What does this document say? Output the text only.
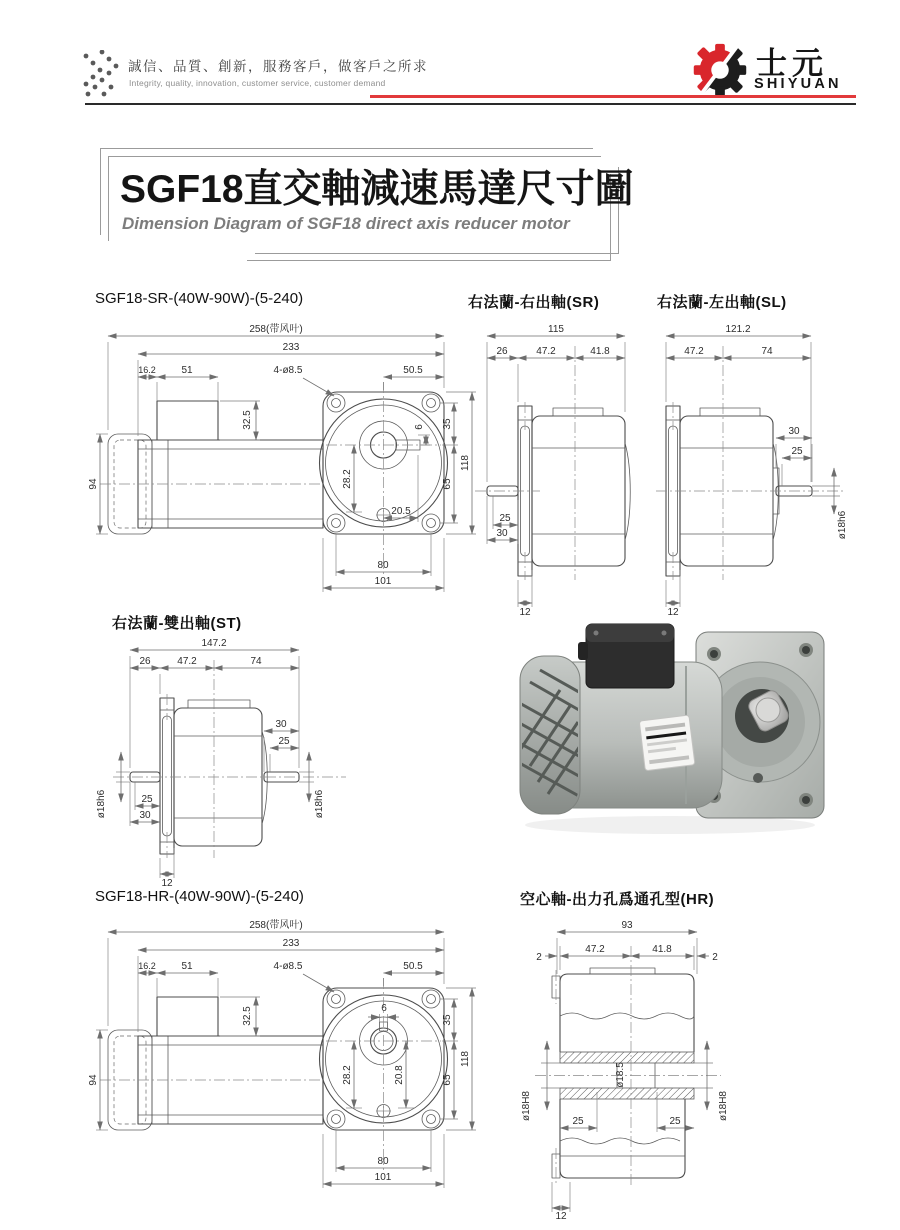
誠信、品質、創新，服務客戶，做客戶之所求
Integrity, quality, innovation, customer service, customer demand
士元
SHIYUAN
SGF18直交軸減速馬達尺寸圖

Dimension Diagram of SGF18 direct axis reducer motor

SGF18-SR-(40W-90W)-(5-240)
258(带风叶)
233
16.2	51	4-ø8.5	50.5
32.5
94
6
28.2
20.5
35
65
118
80
101
右法蘭-右出軸(SR)
115
26	47.2	41.8
25
30
12
右法蘭-左出軸(SL)
121.2
47.2	74
30
25
ø18h6
12
右法蘭-雙出軸(ST)
147.2
26	47.2	74
30
25
25
30
ø18h6	ø18h6
12
SGF18-HR-(40W-90W)-(5-240)
258(带风叶)
233
16.2	51	4-ø8.5	50.5
32.5
94
6
28.2	20.8
35
65
118
80
101
空心軸-出力孔爲通孔型(HR)
93
47.2	41.8
2	2
ø18.5
ø18H8	ø18H8
25	25
12
